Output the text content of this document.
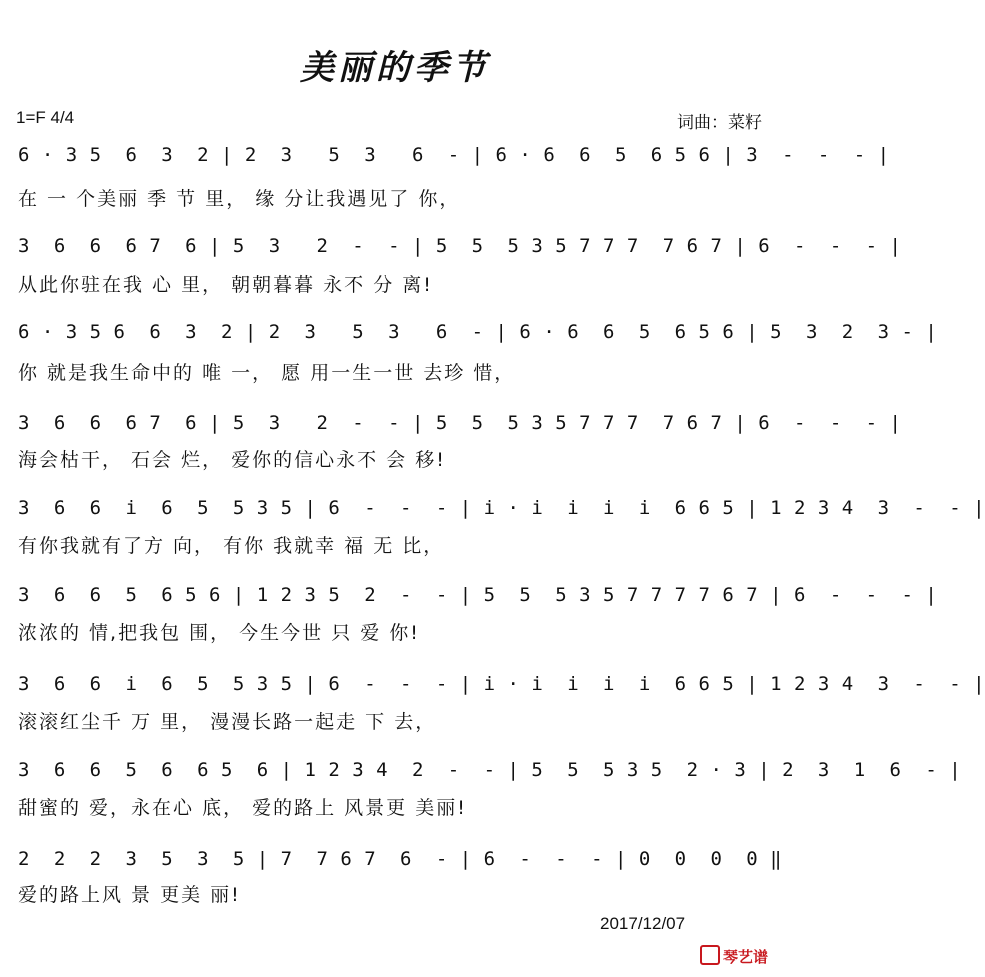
美丽的季节
1=F 4/4	词曲：菜籽
6 · 3 5  6  3  2 | 2  3   5  3   6  - | 6 · 6  6  5  6 5 6 | 3  -  -  - |
在 一 个美丽 季 节 里， 缘 分让我遇见了 你，
3  6  6  6 7  6 | 5  3   2  -  - | 5  5  5 3 5 7 7 7  7 6 7 | 6  -  -  - |
从此你驻在我 心 里， 朝朝暮暮 永不 分 离!
6 · 3 5 6  6  3  2 | 2  3   5  3   6  - | 6 · 6  6  5  6 5 6 | 5  3  2  3 - |
你 就是我生命中的 唯 一， 愿 用一生一世 去珍 惜，
3  6  6  6 7  6 | 5  3   2  -  - | 5  5  5 3 5 7 7 7  7 6 7 | 6  -  -  - |
海会枯干， 石会 烂， 爱你的信心永不 会 移!
3  6  6  i  6  5  5 3 5 | 6  -  -  - | i · i  i  i  i  6 6 5 | 1 2 3 4  3  -  - |
有你我就有了方 向， 有你 我就幸 福 无 比，
3  6  6  5  6 5 6 | 1 2 3 5  2  -  - | 5  5  5 3 5 7 7 7 7 6 7 | 6  -  -  - |
浓浓的 情,把我包 围， 今生今世 只 爱 你!
3  6  6  i  6  5  5 3 5 | 6  -  -  - | i · i  i  i  i  6 6 5 | 1 2 3 4  3  -  - |
滚滚红尘千 万 里， 漫漫长路一起走 下 去，
3  6  6  5  6  6 5  6 | 1 2 3 4  2  -  - | 5  5  5 3 5  2 · 3 | 2  3  1  6  - |
甜蜜的 爱，永在心 底， 爱的路上 风景更 美丽!
2  2  2  3  5  3  5 | 7  7 6 7  6  - | 6  -  -  - | 0  0  0  0 ‖
爱的路上风 景 更美 丽!
2017/12/07
琴艺谱
